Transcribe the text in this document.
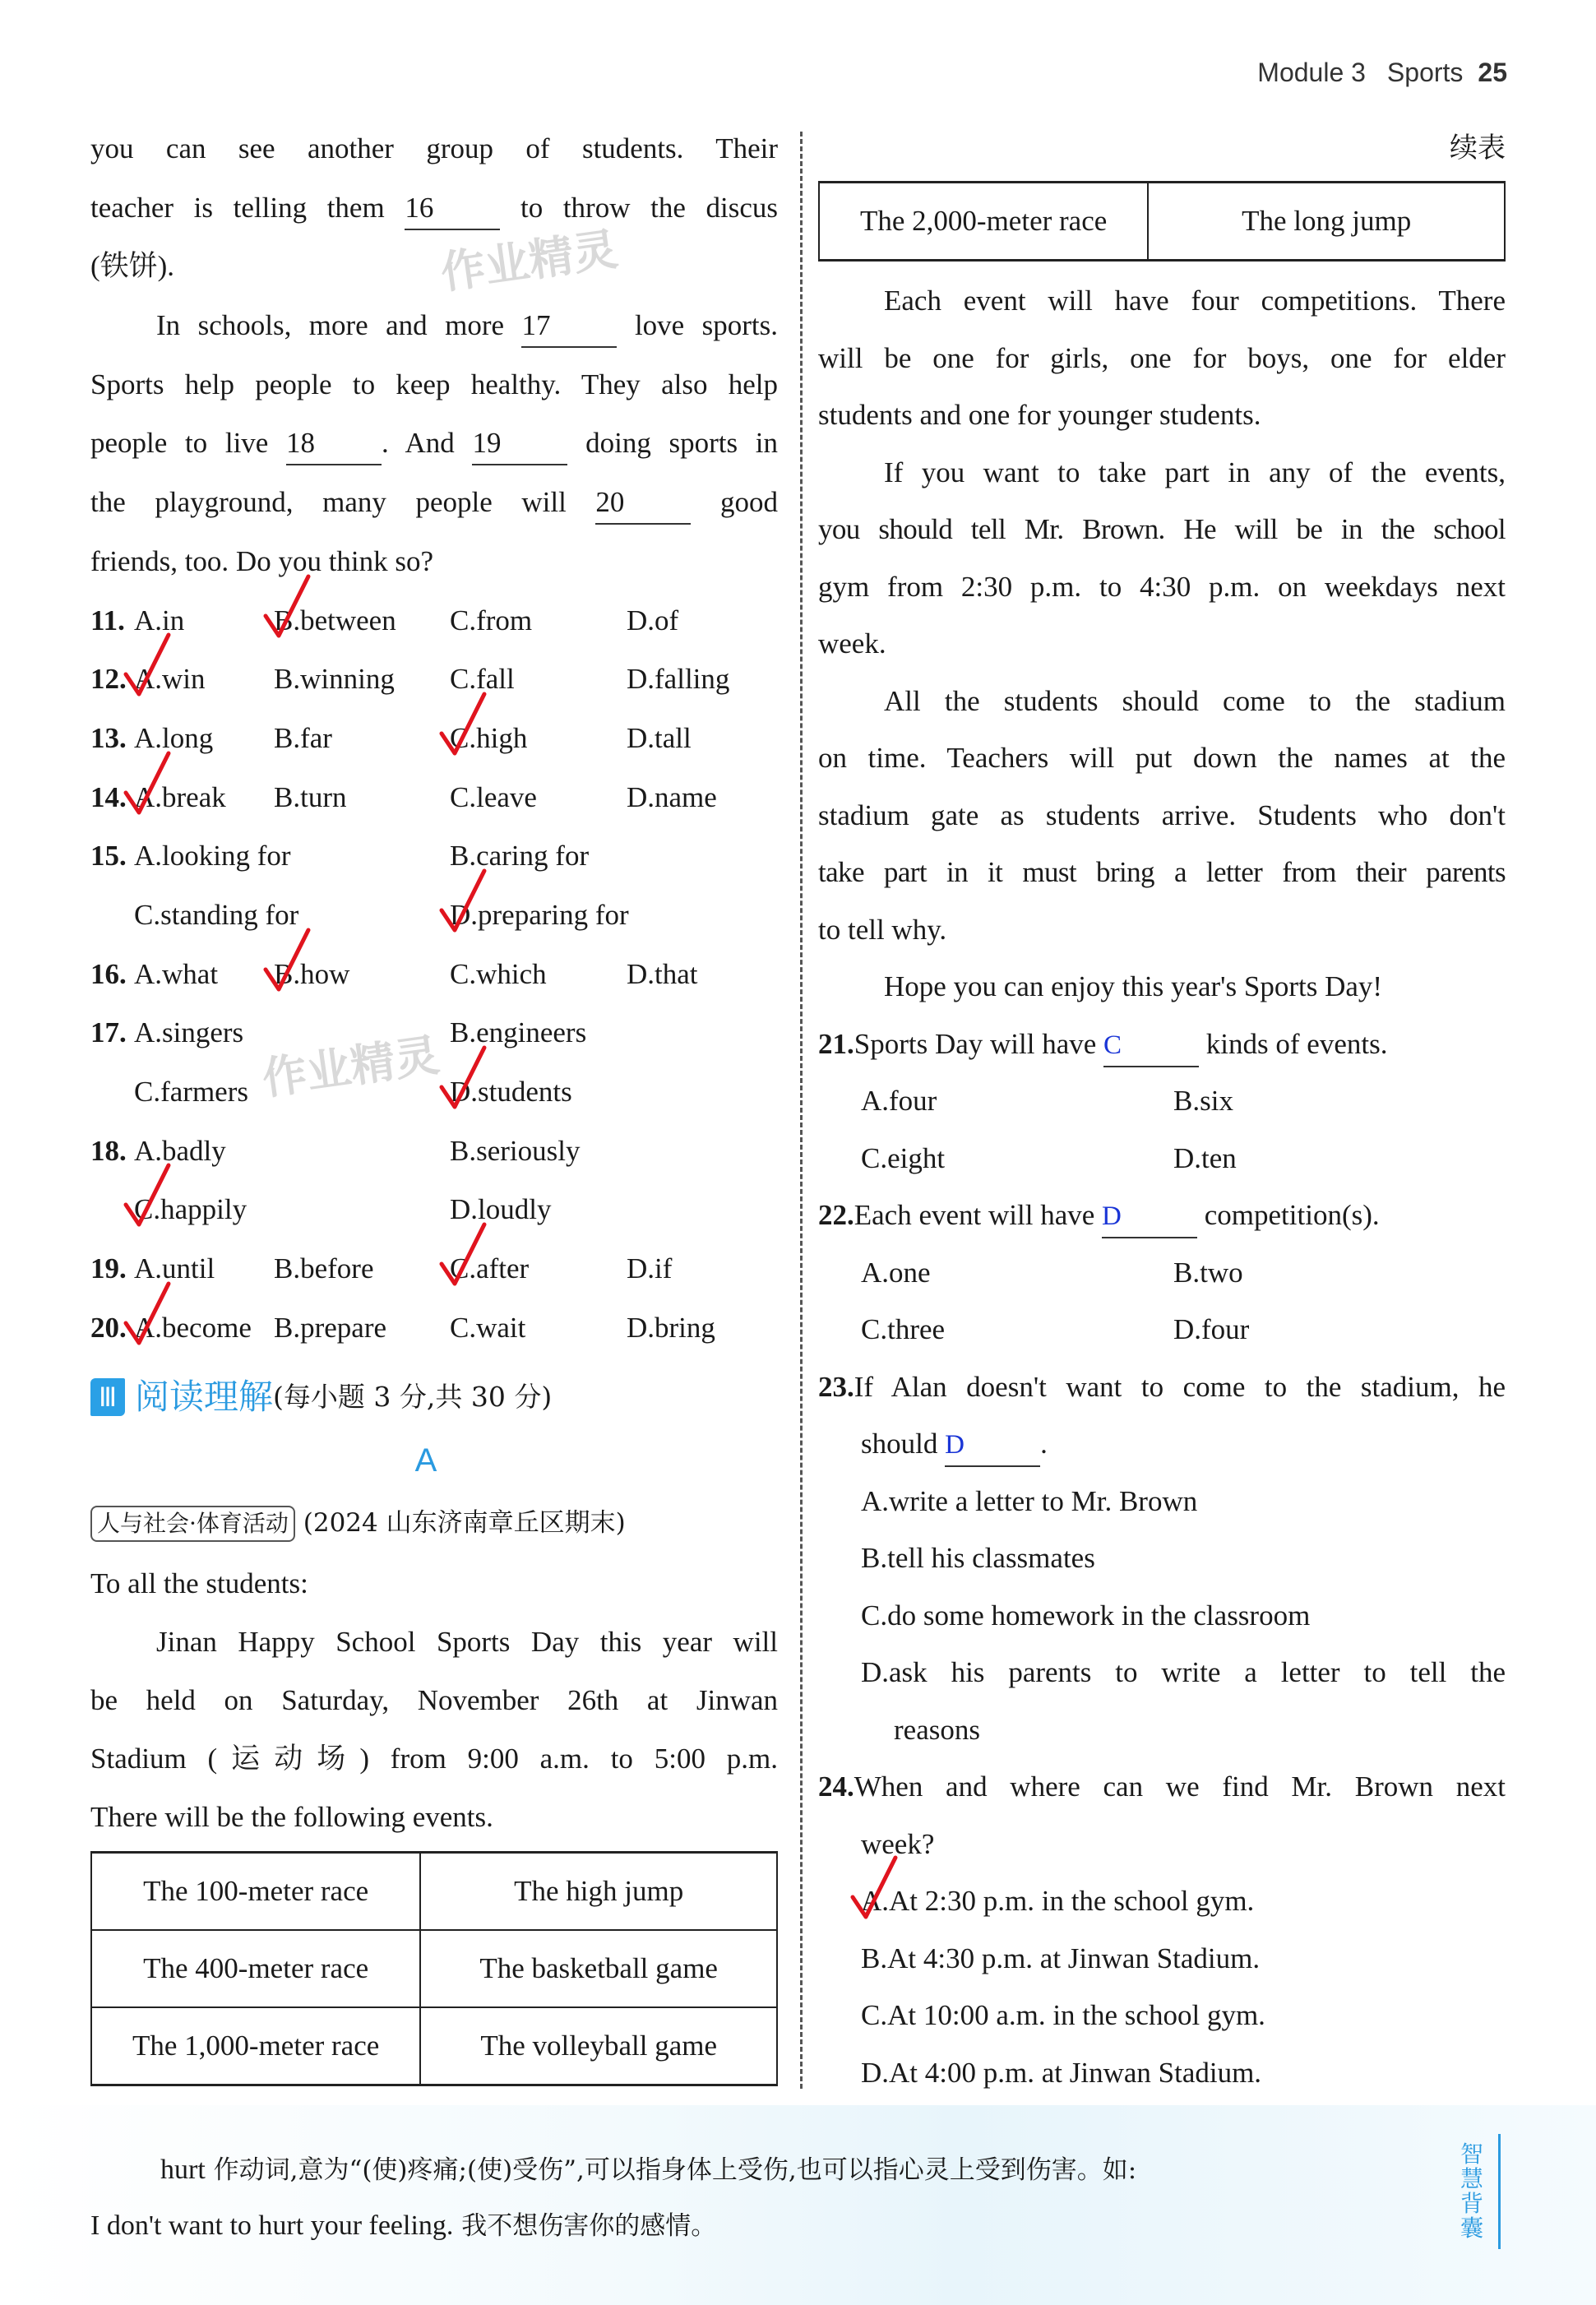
Module 3 Sports 25
作业精灵
作业精灵
you can see another group of students. Their
teacher is telling them 16	to throw the discus
(铁饼).
In schools, more and more 17	love sports.
Sports help people to keep healthy. They also help
people to live 18 . And 19	doing sports in
the playground, many people will 20	good
friends, too. Do you think so?
11. A.in	B.between C.from	D.of
12. A.win B.winning C.fall	D.falling
13. A.long B.far	C.high	D.tall
14. A.break B.turn	C.leave	D.name
15. A.looking for	B.caring for
C.standing for	D.preparing for
16. A.what B.how	C.which	D.that
17. A.singers	B.engineers
C.farmers	D.students
18. A.badly	B.seriously
C.happily	D.loudly
19. A.until B.before	C.after	D.if
20. A.become B.prepare C.wait	D.bring
Ⅲ 阅读理解(每小题 3 分,共 30 分)
A
人与社会·体育活动 (2024 山东济南章丘区期末)
To all the students:
Jinan Happy School Sports Day this year will
be held on Saturday, November 26th at Jinwan
Stadium (运动场) from 9:00 a.m. to 5:00 p.m.
There will be the following events.
The 100-meter race	The high jump
The 400-meter race	The basketball game
The 1,000-meter race	The volleyball game
续表
The 2,000-meter race	The long jump
Each event will have four competitions. There
will be one for girls, one for boys, one for elder
students and one for younger students.
If you want to take part in any of the events,
you should tell Mr. Brown. He will be in the school
gym from 2:30 p.m. to 4:30 p.m. on weekdays next
week.
All the students should come to the stadium
on time. Teachers will put down the names at the
stadium gate as students arrive. Students who don't
take part in it must bring a letter from their parents
to tell why.
Hope you can enjoy this year's Sports Day!
21.Sports Day will have C	kinds of events.
A.four	B.six
C.eight	D.ten
22.Each event will have D	competition(s).
A.one	B.two
C.three	D.four
23.If Alan doesn't want to come to the stadium, he
should D	.
A.write a letter to Mr. Brown
B.tell his classmates
C.do some homework in the classroom
D.ask his parents to write a letter to tell the
reasons
24.When and where can we find Mr. Brown next
week?
A.At 2:30 p.m. in the school gym.
B.At 4:30 p.m. at Jinwan Stadium.
C.At 10:00 a.m. in the school gym.
D.At 4:00 p.m. at Jinwan Stadium.
hurt 作动词,意为“(使)疼痛;(使)受伤”,可以指身体上受伤,也可以指心灵上受到伤害。如:
I don't want to hurt your feeling. 我不想伤害你的感情。
智慧背囊
